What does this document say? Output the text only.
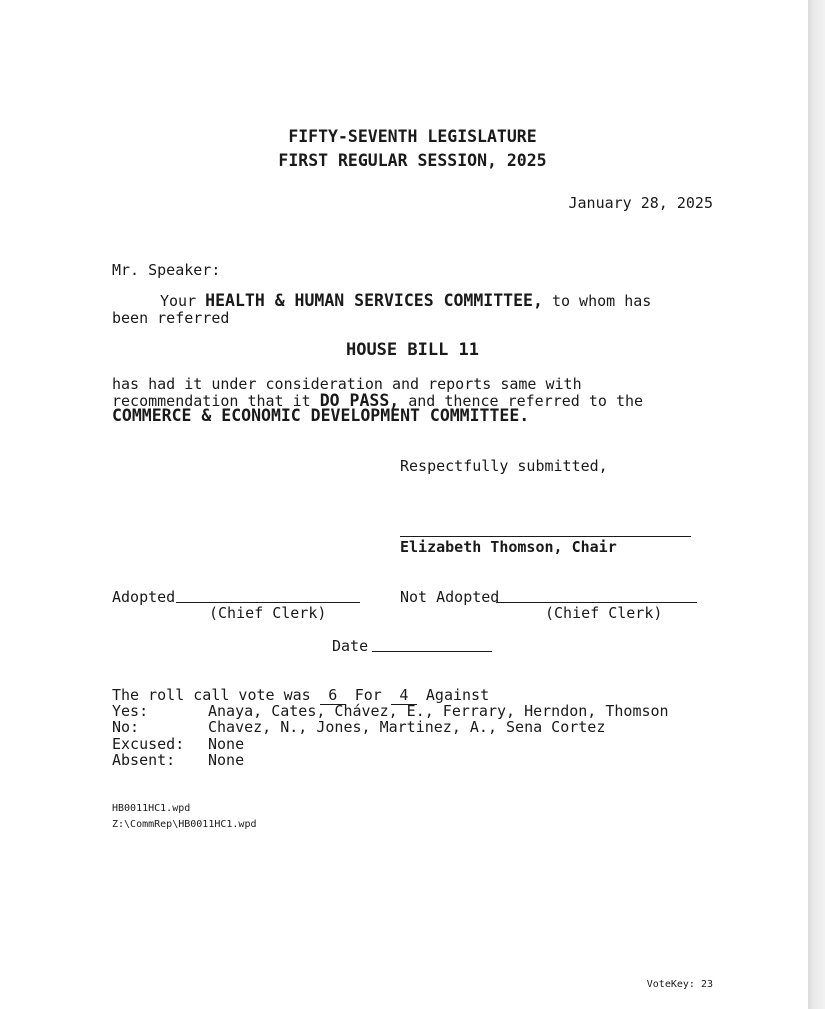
FIFTY-SEVENTH LEGISLATURE
FIRST REGULAR SESSION, 2025
January 28, 2025
Mr. Speaker:
Your HEALTH & HUMAN SERVICES COMMITTEE, to whom has
been referred
HOUSE BILL 11
has had it under consideration and reports same with
recommendation that it DO PASS, and thence referred to the
COMMERCE & ECONOMIC DEVELOPMENT COMMITTEE.
Respectfully submitted,
Elizabeth Thomson, Chair
Adopted
(Chief Clerk)
Not Adopted
(Chief Clerk)
Date
The roll call vote was 6 For 4 Against
Yes:	Anaya, Cates, Chávez, E., Ferrary, Herndon, Thomson
No:	Chavez, N., Jones, Martinez, A., Sena Cortez
Excused: None
Absent: None
HB0011HC1.wpd
Z:\CommRep\HB0011HC1.wpd
VoteKey: 23
